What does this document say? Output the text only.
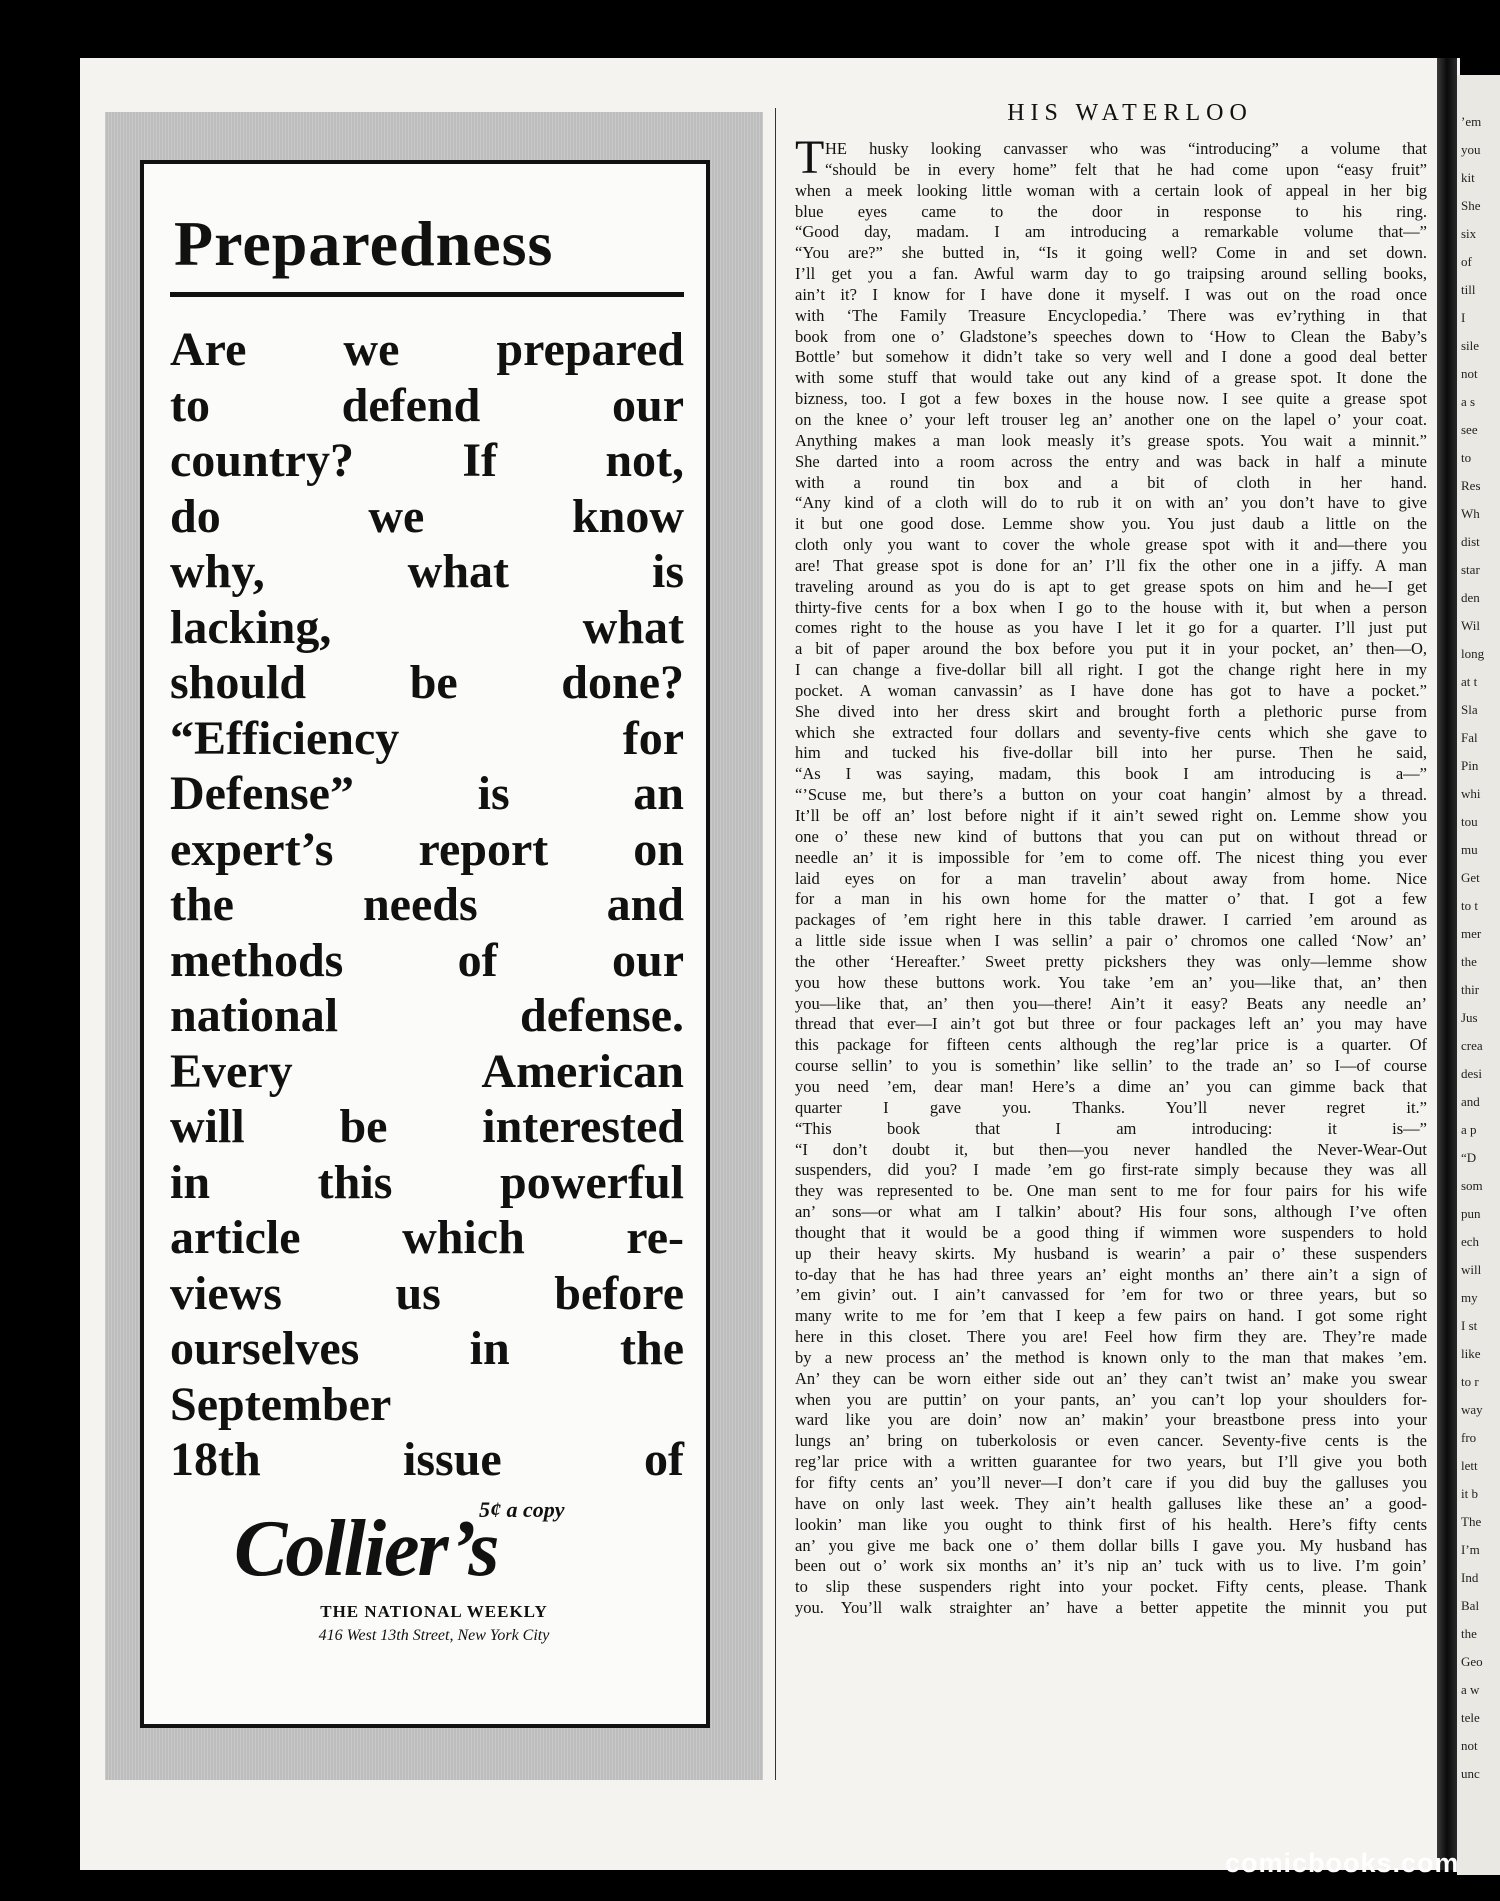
’em
you
kit
She
six
of
till
I
sile
not
a s
see
to
Res
Wh
dist
star
den
Wil
long
at t
Sla
Fal
Pin
whi
tou
mu
Get
to t
mer
the
thir
Jus
crea
desi
and
a p
“D
som
pun
ech
will
my
I st
like
to r
way
fro
lett
it b
The
I’m
Ind
Bal
the
Geo
a w
tele
not
unc
Preparedness
Are we prepared
to defend our
country? If not,
do we know
why, what is
lacking, what
should be done?
“Efficiency for
Defense” is an
expert’s report on
the needs and
methods of our
national defense.
Every American
will be interested
in this powerful
article which re-
views us before
ourselves in the
September
18th issue of
Collier’s
5¢ a copy
THE NATIONAL WEEKLY
416 West 13th Street, New York City
HIS WATERLOO
T HE husky looking canvasser who was “introducing” a volume that
“should be in every home” felt that he had come upon “easy fruit”
when a meek looking little woman with a certain look of appeal in her big
blue eyes came to the door in response to his ring.
“Good day, madam. I am introducing a remarkable volume that—”
“You are?” she butted in, “Is it going well? Come in and set down.
I’ll get you a fan. Awful warm day to go traipsing around selling books,
ain’t it? I know for I have done it myself. I was out on the road once
with ‘The Family Treasure Encyclopedia.’ There was ev’rything in that
book from one o’ Gladstone’s speeches down to ‘How to Clean the Baby’s
Bottle’ but somehow it didn’t take so very well and I done a good deal better
with some stuff that would take out any kind of a grease spot. It done the
bizness, too. I got a few boxes in the house now. I see quite a grease spot
on the knee o’ your left trouser leg an’ another one on the lapel o’ your coat.
Anything makes a man look measly it’s grease spots. You wait a minnit.”
She darted into a room across the entry and was back in half a minute
with a round tin box and a bit of cloth in her hand.
“Any kind of a cloth will do to rub it on with an’ you don’t have to give
it but one good dose. Lemme show you. You just daub a little on the
cloth only you want to cover the whole grease spot with it and—there you
are! That grease spot is done for an’ I’ll fix the other one in a jiffy. A man
traveling around as you do is apt to get grease spots on him and he—I get
thirty-five cents for a box when I go to the house with it, but when a person
comes right to the house as you have I let it go for a quarter. I’ll just put
a bit of paper around the box before you put it in your pocket, an’ then—O,
I can change a five-dollar bill all right. I got the change right here in my
pocket. A woman canvassin’ as I have done has got to have a pocket.”
She dived into her dress skirt and brought forth a plethoric purse from
which she extracted four dollars and seventy-five cents which she gave to
him and tucked his five-dollar bill into her purse. Then he said,
“As I was saying, madam, this book I am introducing is a—”
“’Scuse me, but there’s a button on your coat hangin’ almost by a thread.
It’ll be off an’ lost before night if it ain’t sewed right on. Lemme show you
one o’ these new kind of buttons that you can put on without thread or
needle an’ it is impossible for ’em to come off. The nicest thing you ever
laid eyes on for a man travelin’ about away from home. Nice
for a man in his own home for the matter o’ that. I got a few
packages of ’em right here in this table drawer. I carried ’em around as
a little side issue when I was sellin’ a pair o’ chromos one called ‘Now’ an’
the other ‘Hereafter.’ Sweet pretty pickshers they was only—lemme show
you how these buttons work. You take ’em an’ you—like that, an’ then
you—like that, an’ then you—there! Ain’t it easy? Beats any needle an’
thread that ever—I ain’t got but three or four packages left an’ you may have
this package for fifteen cents although the reg’lar price is a quarter. Of
course sellin’ to you is somethin’ like sellin’ to the trade an’ so I—of course
you need ’em, dear man! Here’s a dime an’ you can gimme back that
quarter I gave you. Thanks. You’ll never regret it.”
“This book that I am introducing: it is—”
“I don’t doubt it, but then—you never handled the Never-Wear-Out
suspenders, did you? I made ’em go first-rate simply because they was all
they was represented to be. One man sent to me for four pairs for his wife
an’ sons—or what am I talkin’ about? His four sons, although I’ve often
thought that it would be a good thing if wimmen wore suspenders to hold
up their heavy skirts. My husband is wearin’ a pair o’ these suspenders
to-day that he has had three years an’ eight months an’ there ain’t a sign of
’em givin’ out. I ain’t canvassed for ’em for two or three years, but so
many write to me for ’em that I keep a few pairs on hand. I got some right
here in this closet. There you are! Feel how firm they are. They’re made
by a new process an’ the method is known only to the man that makes ’em.
An’ they can be worn either side out an’ they can’t twist an’ make you swear
when you are puttin’ on your pants, an’ you can’t lop your shoulders for-
ward like you are doin’ now an’ makin’ your breastbone press into your
lungs an’ bring on tuberkolosis or even cancer. Seventy-five cents is the
reg’lar price with a written guarantee for two years, but I’ll give you both
for fifty cents an’ you’ll never—I don’t care if you did buy the galluses you
have on only last week. They ain’t health galluses like these an’ a good-
lookin’ man like you ought to think first of his health. Here’s fifty cents
an’ you give me back one o’ them dollar bills I gave you. My husband has
been out o’ work six months an’ it’s nip an’ tuck with us to live. I’m goin’
to slip these suspenders right into your pocket. Fifty cents, please. Thank
you. You’ll walk straighter an’ have a better appetite the minnit you put
comicbooks.com
